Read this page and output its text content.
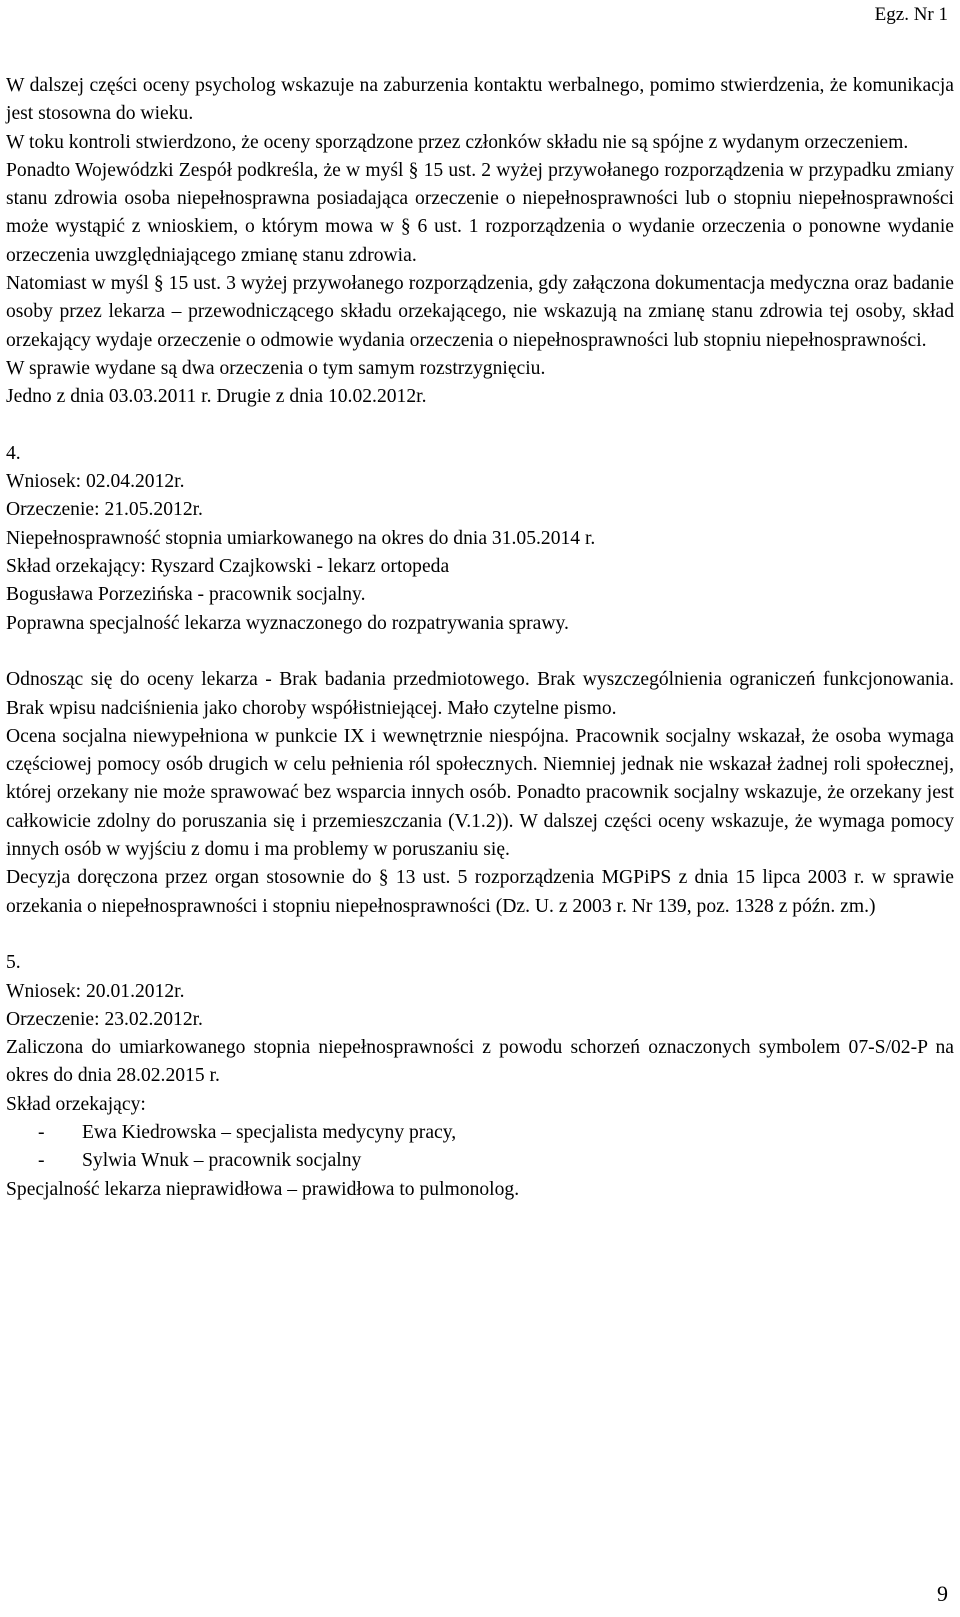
Egz. Nr 1

W dalszej części oceny psycholog wskazuje na zaburzenia kontaktu werbalnego, pomimo stwierdzenia, że komunikacja jest stosowna do wieku.

W toku kontroli stwierdzono, że oceny sporządzone przez członków składu nie są spójne z wydanym orzeczeniem.

Ponadto Wojewódzki Zespół podkreśla, że w myśl § 15 ust. 2 wyżej przywołanego rozporządzenia w przypadku zmiany stanu zdrowia osoba niepełnosprawna posiadająca orzeczenie o niepełnosprawności lub o stopniu niepełnosprawności może wystąpić z wnioskiem, o którym mowa w § 6 ust. 1 rozporządzenia o wydanie orzeczenia o ponowne wydanie orzeczenia uwzględniającego zmianę stanu zdrowia.

Natomiast w myśl § 15 ust. 3 wyżej przywołanego rozporządzenia, gdy załączona dokumentacja medyczna oraz badanie osoby przez lekarza – przewodniczącego składu orzekającego, nie wskazują na zmianę stanu zdrowia tej osoby, skład orzekający wydaje orzeczenie o odmowie wydania orzeczenia o niepełnosprawności lub stopniu niepełnosprawności.

W sprawie wydane są dwa orzeczenia o tym samym rozstrzygnięciu.

Jedno z dnia 03.03.2011 r. Drugie z dnia 10.02.2012r.

4.

Wniosek: 02.04.2012r.

Orzeczenie: 21.05.2012r.

Niepełnosprawność stopnia umiarkowanego na okres do dnia 31.05.2014 r.

Skład orzekający: Ryszard Czajkowski - lekarz ortopeda

Bogusława Porzezińska - pracownik socjalny.

Poprawna specjalność lekarza wyznaczonego do rozpatrywania sprawy.

Odnosząc się do oceny lekarza - Brak badania przedmiotowego. Brak wyszczególnienia ograniczeń funkcjonowania. Brak wpisu nadciśnienia jako choroby współistniejącej. Mało czytelne pismo.

Ocena socjalna niewypełniona w punkcie IX i wewnętrznie niespójna. Pracownik socjalny wskazał, że osoba wymaga częściowej pomocy osób drugich w celu pełnienia ról społecznych. Niemniej jednak nie wskazał żadnej roli społecznej, której orzekany nie może sprawować bez wsparcia innych osób. Ponadto pracownik socjalny wskazuje, że orzekany jest całkowicie zdolny do poruszania się i przemieszczania (V.1.2)). W dalszej części oceny wskazuje, że wymaga pomocy innych osób w wyjściu z domu i ma problemy w poruszaniu się.

Decyzja doręczona przez organ stosownie do § 13 ust. 5 rozporządzenia MGPiPS z dnia 15 lipca 2003 r. w sprawie orzekania o niepełnosprawności i stopniu niepełnosprawności (Dz. U. z 2003 r. Nr 139, poz. 1328 z późn. zm.)

5.

Wniosek: 20.01.2012r.

Orzeczenie: 23.02.2012r.

Zaliczona do umiarkowanego stopnia niepełnosprawności z powodu schorzeń oznaczonych symbolem 07-S/02-P na okres do dnia 28.02.2015 r.

Skład orzekający:

- Ewa Kiedrowska – specjalista medycyny pracy,

- Sylwia Wnuk – pracownik socjalny

Specjalność lekarza nieprawidłowa – prawidłowa to pulmonolog.

9
